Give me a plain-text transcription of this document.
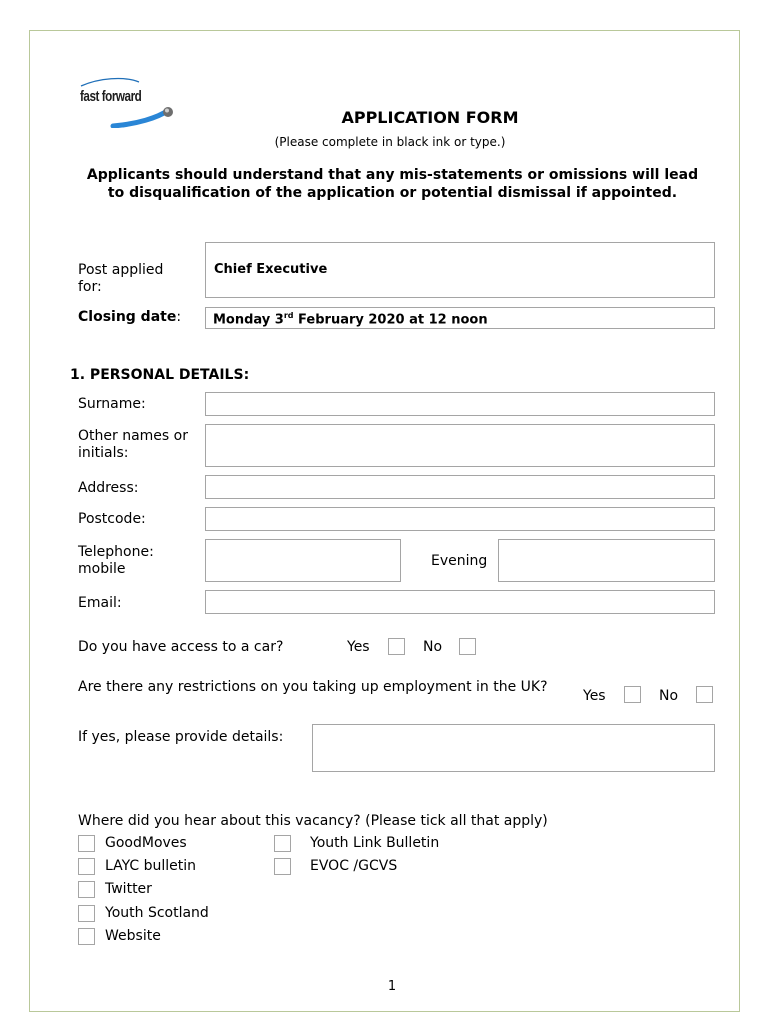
fast forward
APPLICATION FORM
(Please complete in black ink or type.)
Applicants should understand that any mis-statements or omissions will lead to disqualification of the application or potential dismissal if appointed.
Post applied for:
Chief Executive
Closing date: Monday 3rd February 2020 at 12 noon
1. PERSONAL DETAILS:
Surname:
Other names or initials:
Address:
Postcode:
Telephone: mobile	Evening
Email:
Do you have access to a car?	Yes	No
Are there any restrictions on you taking up employment in the UK?
Yes	No
If yes, please provide details:
Where did you hear about this vacancy? (Please tick all that apply)
GoodMoves	Youth Link Bulletin
LAYC bulletin	EVOC /GCVS
Twitter
Youth Scotland
Website
1
